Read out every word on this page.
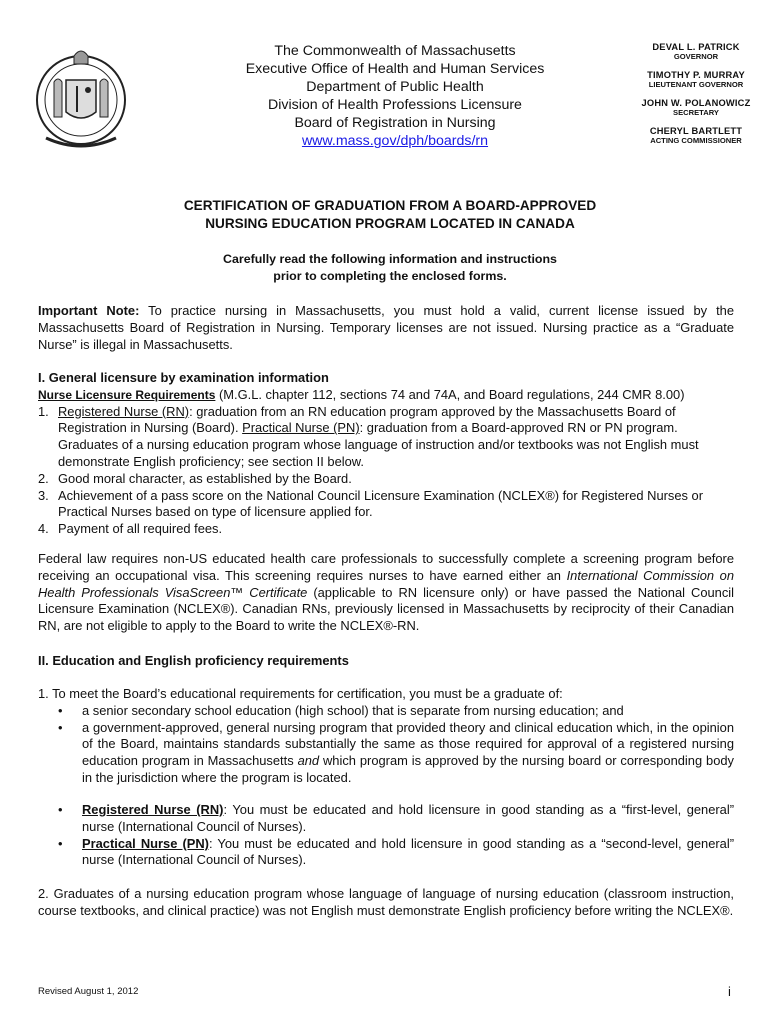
The Commonwealth of Massachusetts
Executive Office of Health and Human Services
Department of Public Health
Division of Health Professions Licensure
Board of Registration in Nursing
www.mass.gov/dph/boards/rn
DEVAL L. PATRICK
GOVERNOR
TIMOTHY P. MURRAY
LIEUTENANT GOVERNOR
JOHN W. POLANOWICZ
SECRETARY
CHERYL BARTLETT
ACTING COMMISSIONER
CERTIFICATION OF GRADUATION FROM A BOARD-APPROVED
NURSING EDUCATION PROGRAM LOCATED IN CANADA
Carefully read the following information and instructions
prior to completing the enclosed forms.
Important Note: To practice nursing in Massachusetts, you must hold a valid, current license issued by the Massachusetts Board of Registration in Nursing. Temporary licenses are not issued. Nursing practice as a “Graduate Nurse” is illegal in Massachusetts.
I. General licensure by examination information
Nurse Licensure Requirements (M.G.L. chapter 112, sections 74 and 74A, and Board regulations, 244 CMR 8.00)
1. Registered Nurse (RN): graduation from an RN education program approved by the Massachusetts Board of Registration in Nursing (Board). Practical Nurse (PN): graduation from a Board-approved RN or PN program. Graduates of a nursing education program whose language of instruction and/or textbooks was not English must demonstrate English proficiency; see section II below.
2. Good moral character, as established by the Board.
3. Achievement of a pass score on the National Council Licensure Examination (NCLEX®) for Registered Nurses or Practical Nurses based on type of licensure applied for.
4. Payment of all required fees.
Federal law requires non-US educated health care professionals to successfully complete a screening program before receiving an occupational visa. This screening requires nurses to have earned either an International Commission on Health Professionals VisaScreen™ Certificate (applicable to RN licensure only) or have passed the National Council Licensure Examination (NCLEX®). Canadian RNs, previously licensed in Massachusetts by reciprocity of their Canadian RN, are not eligible to apply to the Board to write the NCLEX®-RN.
II. Education and English proficiency requirements
1. To meet the Board’s educational requirements for certification, you must be a graduate of:
• a senior secondary school education (high school) that is separate from nursing education; and
• a government-approved, general nursing program that provided theory and clinical education which, in the opinion of the Board, maintains standards substantially the same as those required for approval of a registered nursing education program in Massachusetts and which program is approved by the nursing board or corresponding body in the jurisdiction where the program is located.
• Registered Nurse (RN): You must be educated and hold licensure in good standing as a “first-level, general” nurse (International Council of Nurses).
• Practical Nurse (PN): You must be educated and hold licensure in good standing as a “second-level, general” nurse (International Council of Nurses).
2. Graduates of a nursing education program whose language of language of nursing education (classroom instruction, course textbooks, and clinical practice) was not English must demonstrate English proficiency before writing the NCLEX®.
Revised August 1, 2012	i
